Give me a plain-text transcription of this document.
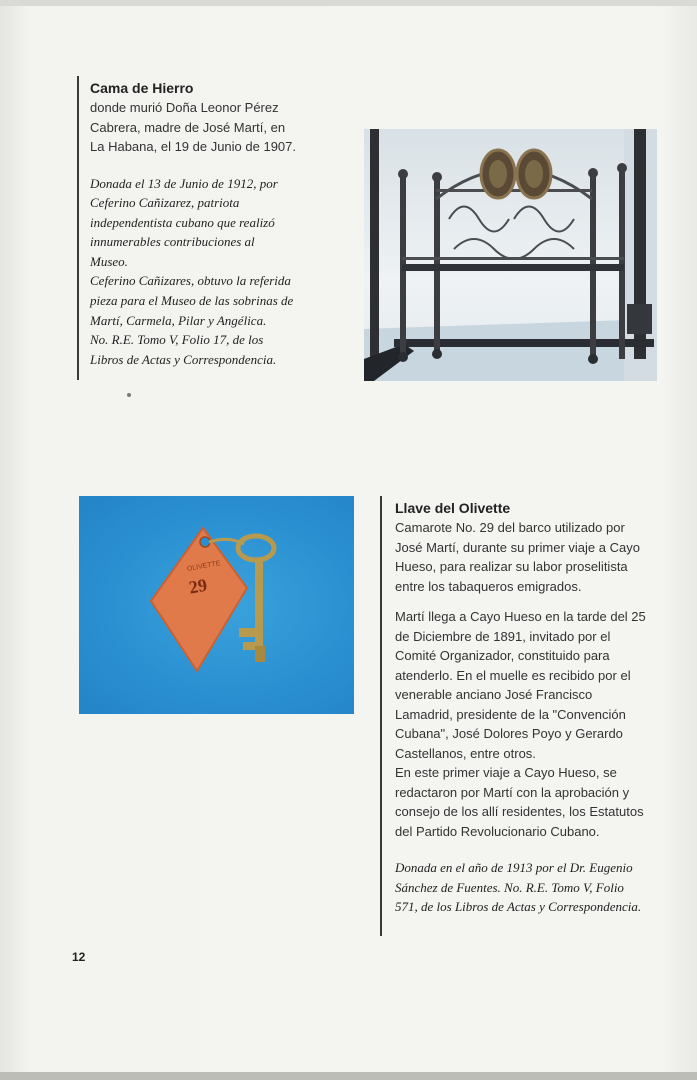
Cama de Hierro

donde murió Doña Leonor Pérez

Cabrera, madre de José Martí, en

La Habana, el 19 de Junio de 1907.

Donada el 13 de Junio de 1912, por

Ceferino Cañizarez, patriota

independentista cubano que realizó

innumerables contribuciones al

Museo.

Ceferino Cañizares, obtuvo la referida

pieza para el Museo de las sobrinas de

Martí, Carmela, Pilar y Angélica.

No. R.E. Tomo V, Folio 17, de los

Libros de Actas y Correspondencia.

OLIVETTE
29

Llave del Olivette

Camarote No. 29 del barco utilizado por

José Martí, durante su primer viaje a Cayo

Hueso, para realizar su labor proselitista

entre los tabaqueros emigrados.

Martí llega a Cayo Hueso en la tarde del 25

de Diciembre de 1891, invitado por el

Comité Organizador, constituido para

atenderlo. En el muelle es recibido por el

venerable anciano José Francisco

Lamadrid, presidente de la "Convención

Cubana", José Dolores Poyo y Gerardo

Castellanos, entre otros.

En este primer viaje a Cayo Hueso, se

redactaron por Martí con la aprobación y

consejo de los allí residentes, los Estatutos

del Partido Revolucionario Cubano.

Donada en el año de 1913 por el Dr. Eugenio

Sánchez de Fuentes. No. R.E. Tomo V, Folio

571, de los Libros de Actas y Correspondencia.

12
